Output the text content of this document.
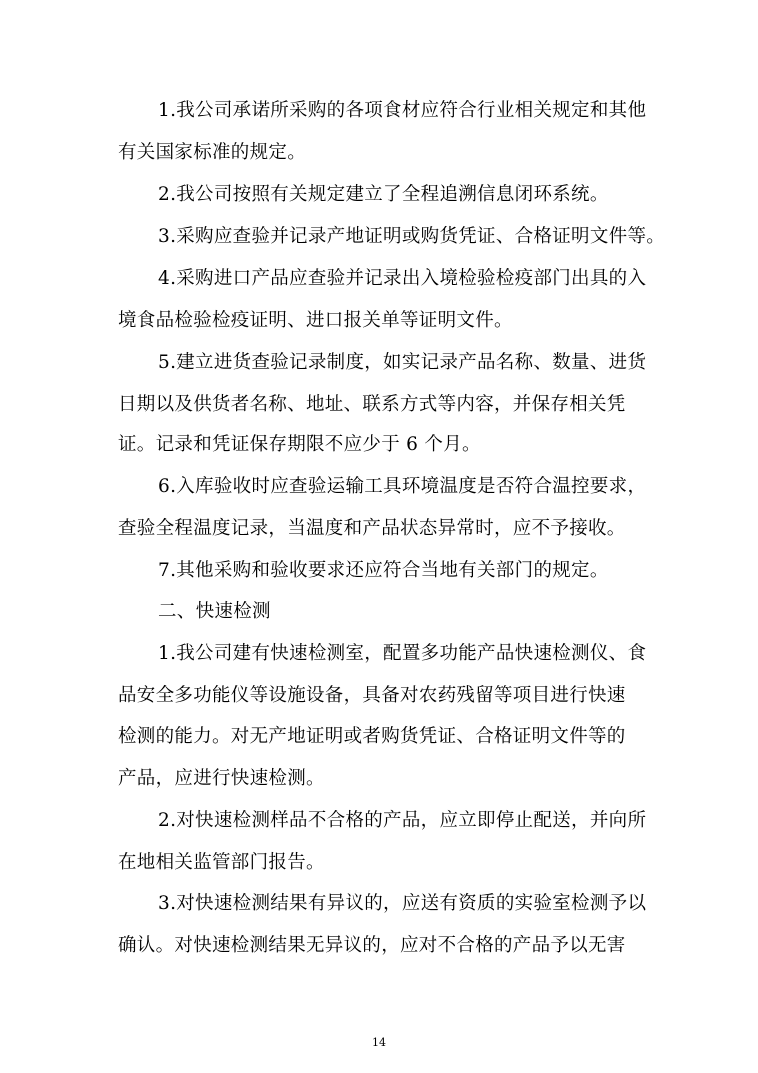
1.我公司承诺所采购的各项食材应符合行业相关规定和其他
有关国家标准的规定。
2.我公司按照有关规定建立了全程追溯信息闭环系统。
3.采购应查验并记录产地证明或购货凭证、合格证明文件等。
4.采购进口产品应查验并记录出入境检验检疫部门出具的入
境食品检验检疫证明、进口报关单等证明文件。
5.建立进货查验记录制度，如实记录产品名称、数量、进货
日期以及供货者名称、地址、联系方式等内容，并保存相关凭
证。记录和凭证保存期限不应少于 6 个月。
6.入库验收时应查验运输工具环境温度是否符合温控要求，
查验全程温度记录，当温度和产品状态异常时，应不予接收。
7.其他采购和验收要求还应符合当地有关部门的规定。
二、快速检测
1.我公司建有快速检测室，配置多功能产品快速检测仪、食
品安全多功能仪等设施设备，具备对农药残留等项目进行快速
检测的能力。对无产地证明或者购货凭证、合格证明文件等的
产品，应进行快速检测。
2.对快速检测样品不合格的产品，应立即停止配送，并向所
在地相关监管部门报告。
3.对快速检测结果有异议的，应送有资质的实验室检测予以
确认。对快速检测结果无异议的，应对不合格的产品予以无害
14
